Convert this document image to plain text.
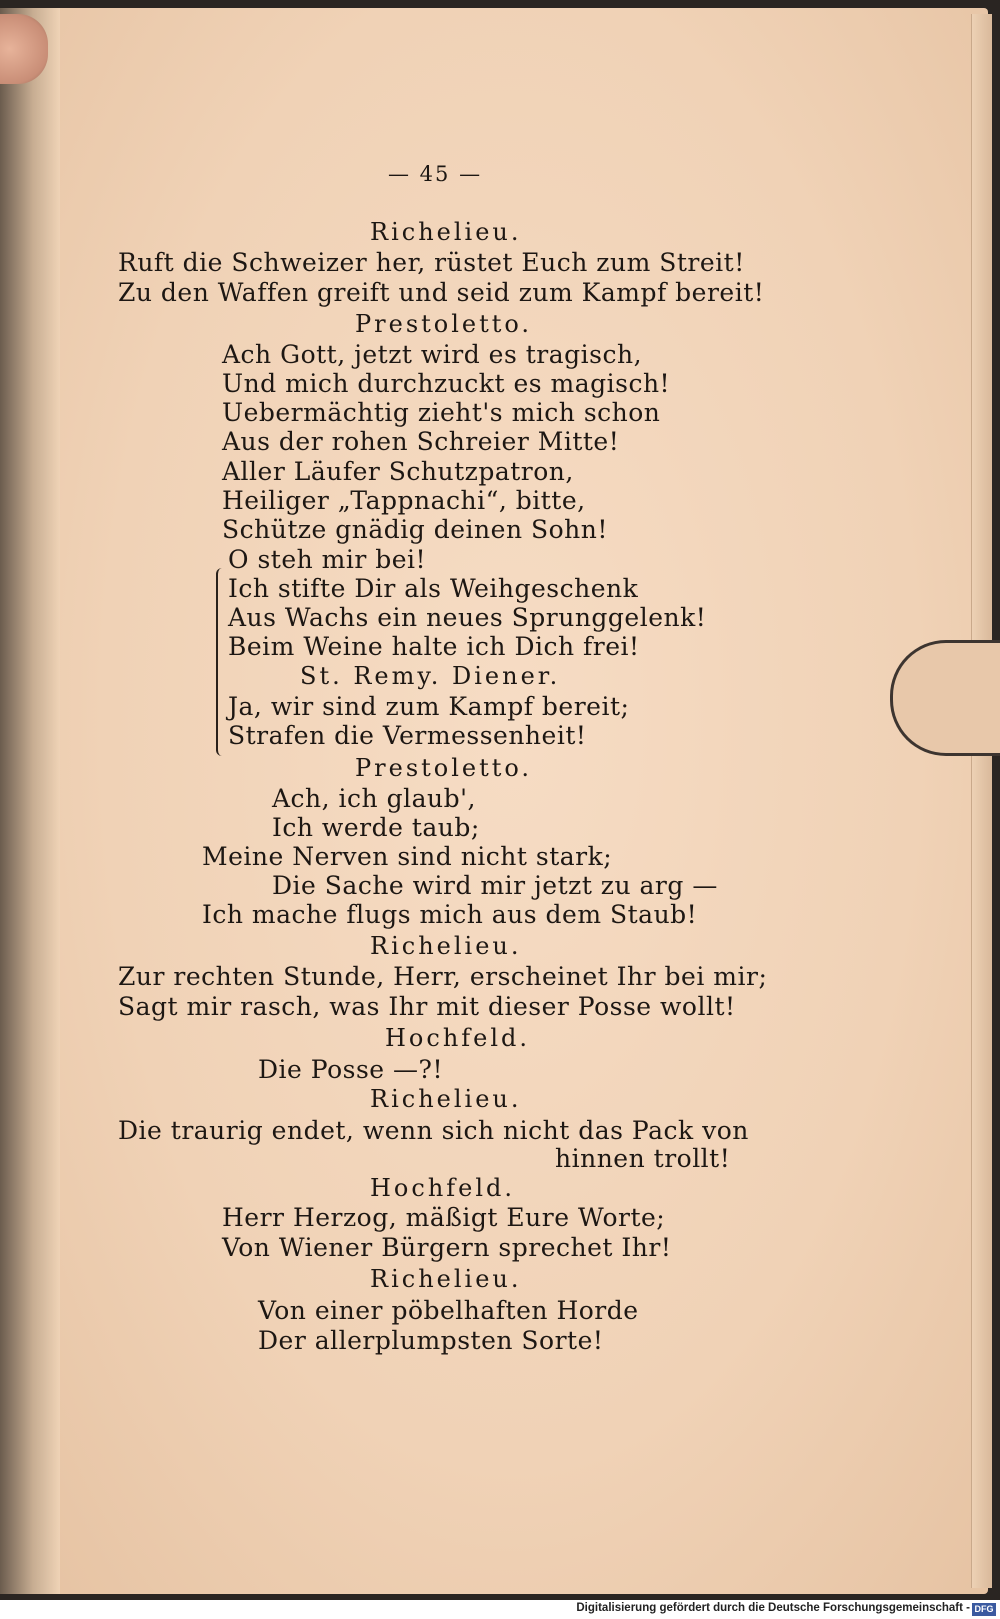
— 45 —
Richelieu.
Ruft die Schweizer her, rüstet Euch zum Streit!
Zu den Waffen greift und seid zum Kampf bereit!
Prestoletto.
Ach Gott, jetzt wird es tragisch,
Und mich durchzuckt es magisch!
Uebermächtig zieht's mich schon
Aus der rohen Schreier Mitte!
Aller Läufer Schutzpatron,
Heiliger „Tappnachi“, bitte,
Schütze gnädig deinen Sohn!
O steh mir bei!
Ich stifte Dir als Weihgeschenk
Aus Wachs ein neues Sprunggelenk!
Beim Weine halte ich Dich frei!
St. Remy. Diener.
Ja, wir sind zum Kampf bereit;
Strafen die Vermessenheit!
Prestoletto.
Ach, ich glaub',
Ich werde taub;
Meine Nerven sind nicht stark;
Die Sache wird mir jetzt zu arg —
Ich mache flugs mich aus dem Staub!
Richelieu.
Zur rechten Stunde, Herr, erscheinet Ihr bei mir;
Sagt mir rasch, was Ihr mit dieser Posse wollt!
Hochfeld.
Die Posse —?!
Richelieu.
Die traurig endet, wenn sich nicht das Pack von
hinnen trollt!
Hochfeld.
Herr Herzog, mäßigt Eure Worte;
Von Wiener Bürgern sprechet Ihr!
Richelieu.
Von einer pöbelhaften Horde
Der allerplumpsten Sorte!
Digitalisierung gefördert durch die Deutsche Forschungsgemeinschaft - DFG
